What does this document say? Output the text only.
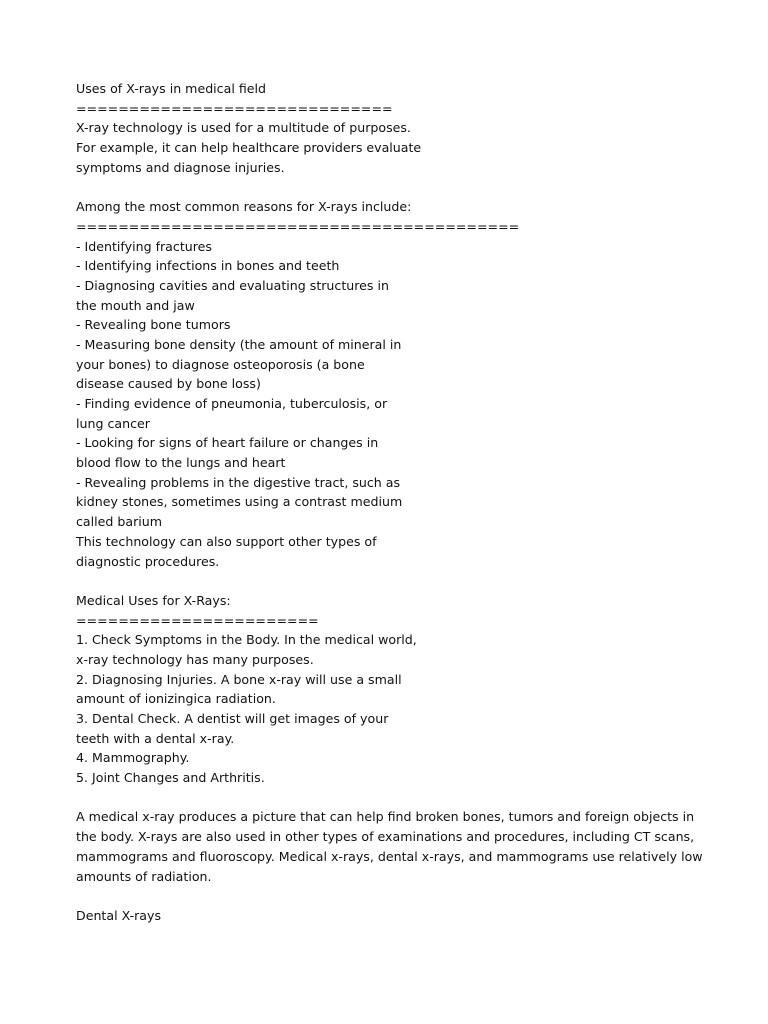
Uses of X-rays in medical field
==============================
X-ray technology is used for a multitude of purposes.
For example, it can help healthcare providers evaluate
symptoms and diagnose injuries.
Among the most common reasons for X-rays include:
==========================================
- Identifying fractures
- Identifying infections in bones and teeth
- Diagnosing cavities and evaluating structures in
the mouth and jaw
- Revealing bone tumors
- Measuring bone density (the amount of mineral in
your bones) to diagnose osteoporosis (a bone
disease caused by bone loss)
- Finding evidence of pneumonia, tuberculosis, or
lung cancer
- Looking for signs of heart failure or changes in
blood flow to the lungs and heart
- Revealing problems in the digestive tract, such as
kidney stones, sometimes using a contrast medium
called barium
This technology can also support other types of
diagnostic procedures.
Medical Uses for X-Rays:
=======================
1. Check Symptoms in the Body. In the medical world,
x-ray technology has many purposes.
2. Diagnosing Injuries. A bone x-ray will use a small
amount of ionizingica radiation.
3. Dental Check. A dentist will get images of your
teeth with a dental x-ray.
4. Mammography.
5. Joint Changes and Arthritis.
A medical x-ray produces a picture that can help find broken bones, tumors and foreign objects in
the body. X-rays are also used in other types of examinations and procedures, including CT scans,
mammograms and fluoroscopy. Medical x-rays, dental x-rays, and mammograms use relatively low
amounts of radiation.
Dental X-rays
